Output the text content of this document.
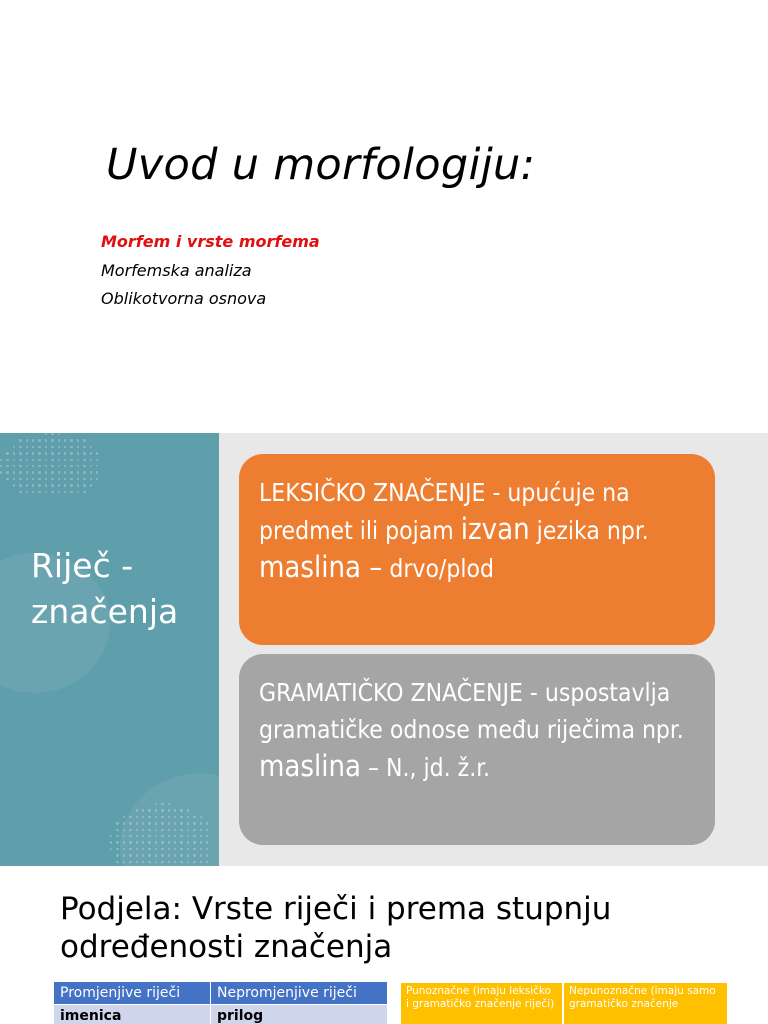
Uvod u morfologiju:
Morfem i vrste morfema
Morfemska analiza
Oblikotvorna osnova
Riječ - značenja
LEKSIČKO ZNAČENJE - upućuje na predmet ili pojam izvan jezika npr. maslina – drvo/plod
GRAMATIČKO ZNAČENJE - uspostavlja gramatičke odnose među riječima npr. maslina – N., jd. ž.r.
Podjela: Vrste riječi i prema stupnju određenosti značenja
Promjenjive riječi	Nepromjenjive riječi
imenica	prilog
Punoznačne (imaju leksičko i gramatičko značenje riječi)
Nepunoznačne (imaju samo gramatičko značenje
